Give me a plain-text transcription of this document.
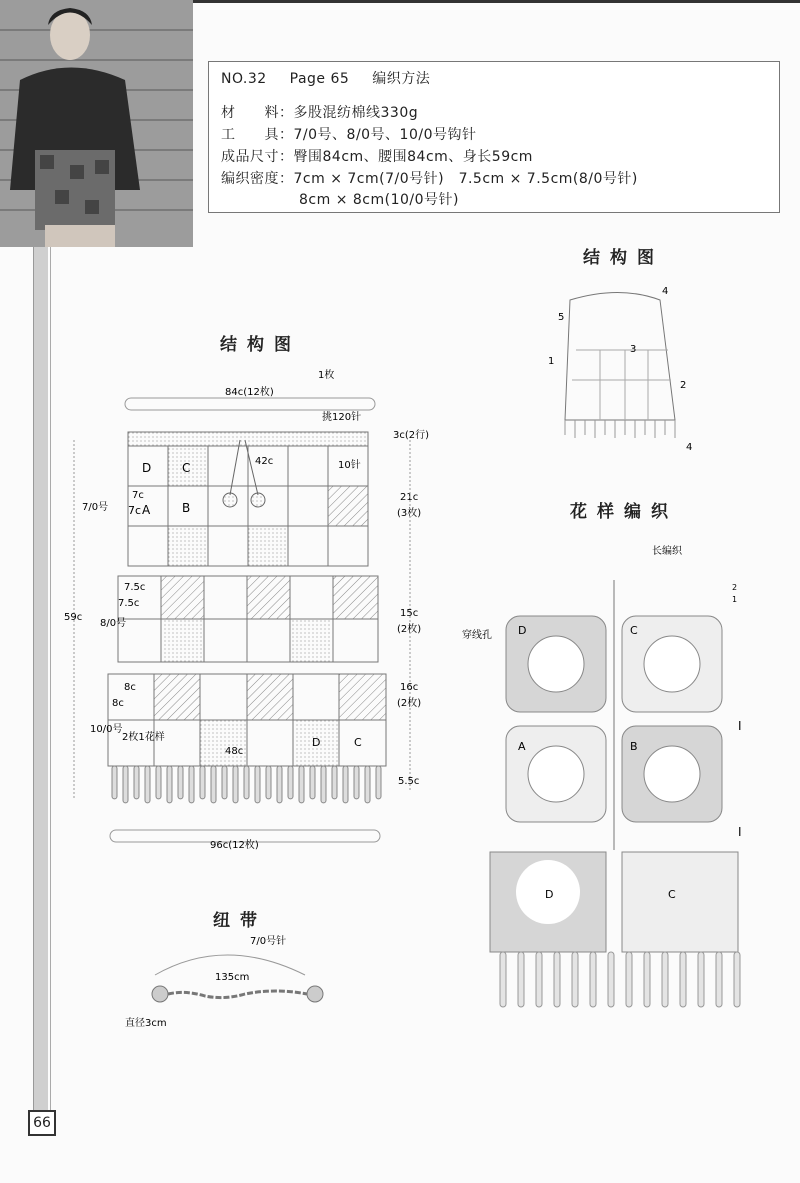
NO.32 Page 65 编织方法
材　　料：多股混纺棉线330g
工　　具：7/0号、8/0号、10/0号钩针
成品尺寸：臀围84cm、腰围84cm、身长59cm
编织密度：7cm × 7cm(7/0号针)　7.5cm × 7.5cm(8/0号针)
8cm × 8cm(10/0号针)
结构图
结构图
花样编织
纽带
1枚
84c(12枚)
挑120针
3c(2行)
D	C
7c
7c A	B
10针
42c
7/0号
59c
21c
(3枚)
7.5c
7.5c
8/0号
15c
(2枚)
8c
8c
10/0号
2枚1花样
48c
D	C
16c
(2枚)
5.5c
96c(12枚)
7/0号针
135cm
直径3cm
4
5
3
1
2
4
长编织
穿线孔
2
1
D	C
A	B
D	C
I
I
66
